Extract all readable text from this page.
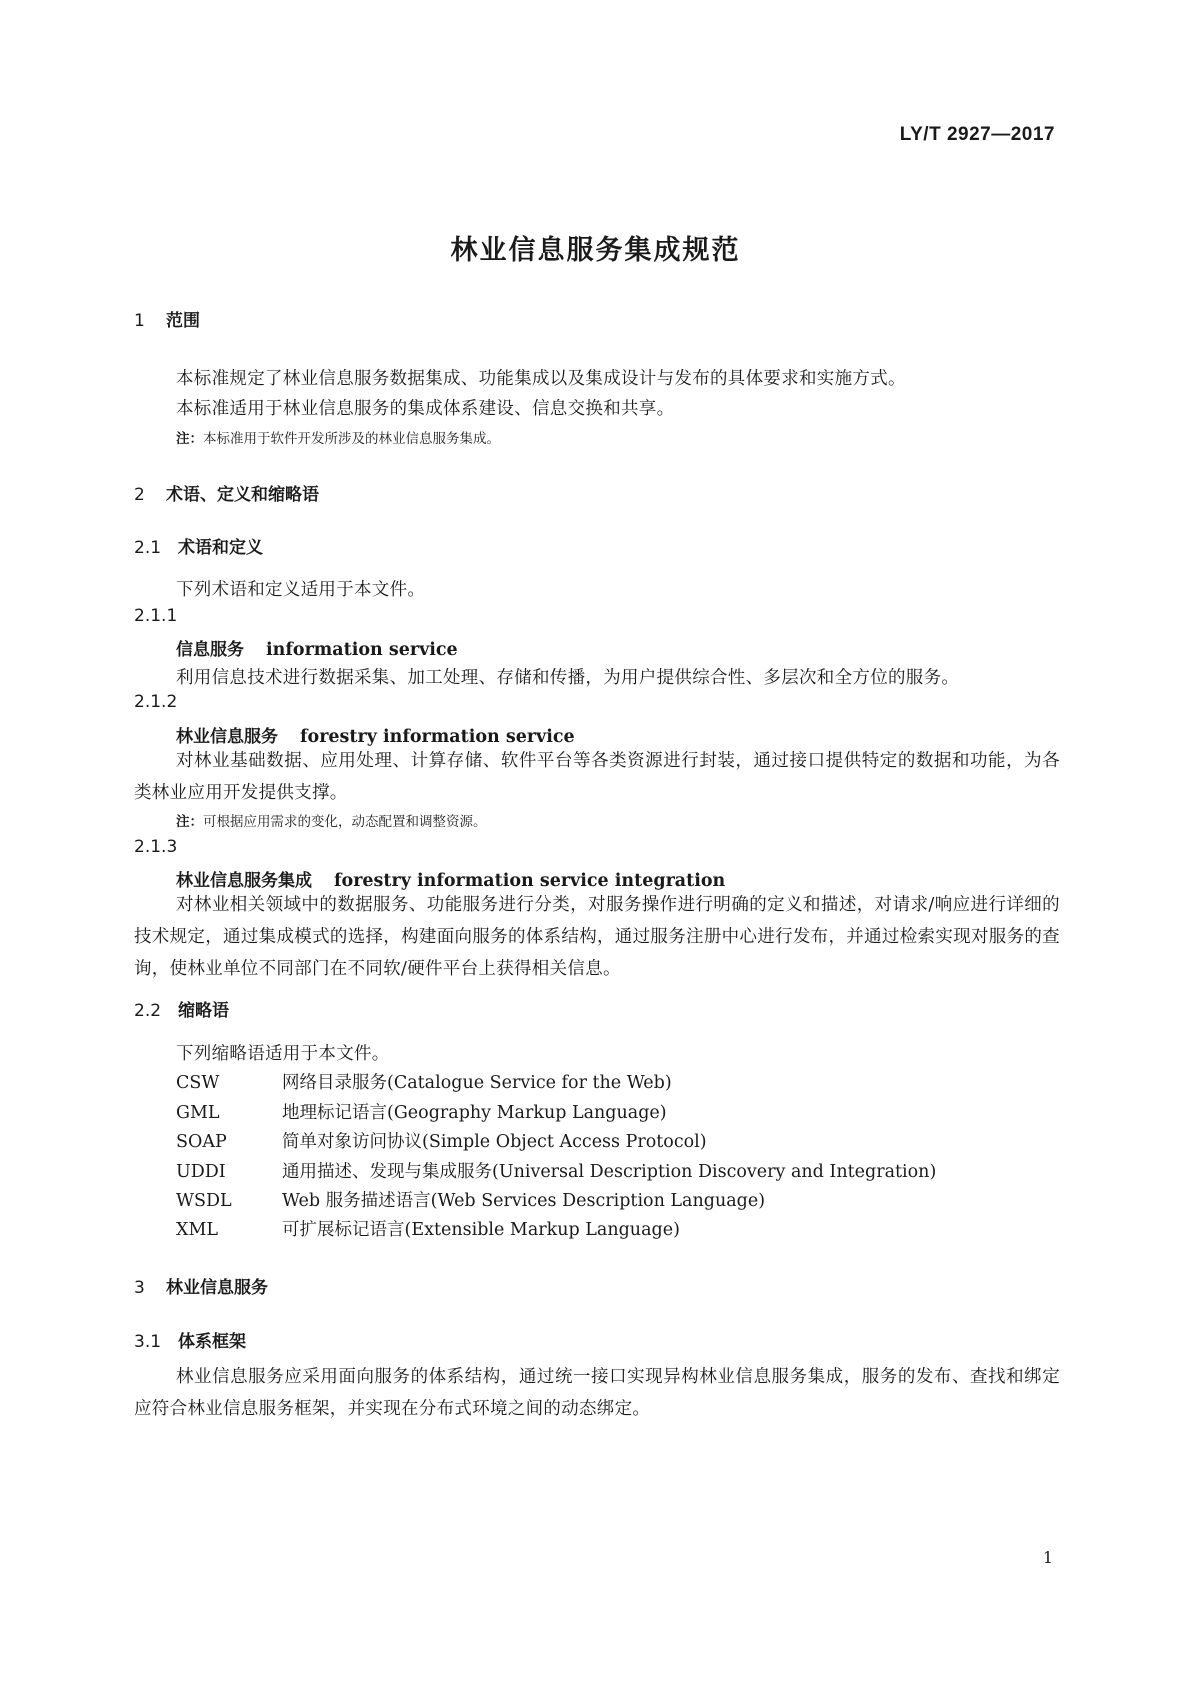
LY/T 2927—2017
林业信息服务集成规范
1 范围
本标准规定了林业信息服务数据集成、功能集成以及集成设计与发布的具体要求和实施方式。
本标准适用于林业信息服务的集成体系建设、信息交换和共享。
注：本标准用于软件开发所涉及的林业信息服务集成。
2 术语、定义和缩略语
2.1 术语和定义
下列术语和定义适用于本文件。
2.1.1
信息服务 information service
利用信息技术进行数据采集、加工处理、存储和传播，为用户提供综合性、多层次和全方位的服务。
2.1.2
林业信息服务 forestry information service
对林业基础数据、应用处理、计算存储、软件平台等各类资源进行封装，通过接口提供特定的数据和功能，为各类林业应用开发提供支撑。
注：可根据应用需求的变化，动态配置和调整资源。
2.1.3
林业信息服务集成 forestry information service integration
对林业相关领域中的数据服务、功能服务进行分类，对服务操作进行明确的定义和描述，对请求/响应进行详细的技术规定，通过集成模式的选择，构建面向服务的体系结构，通过服务注册中心进行发布，并通过检索实现对服务的查询，使林业单位不同部门在不同软/硬件平台上获得相关信息。
2.2 缩略语
下列缩略语适用于本文件。
CSW	网络目录服务(Catalogue Service for the Web)
GML	地理标记语言(Geography Markup Language)
SOAP	简单对象访问协议(Simple Object Access Protocol)
UDDI	通用描述、发现与集成服务(Universal Description Discovery and Integration)
WSDL	Web 服务描述语言(Web Services Description Language)
XML	可扩展标记语言(Extensible Markup Language)
3 林业信息服务
3.1 体系框架
林业信息服务应采用面向服务的体系结构，通过统一接口实现异构林业信息服务集成，服务的发布、查找和绑定应符合林业信息服务框架，并实现在分布式环境之间的动态绑定。
1
